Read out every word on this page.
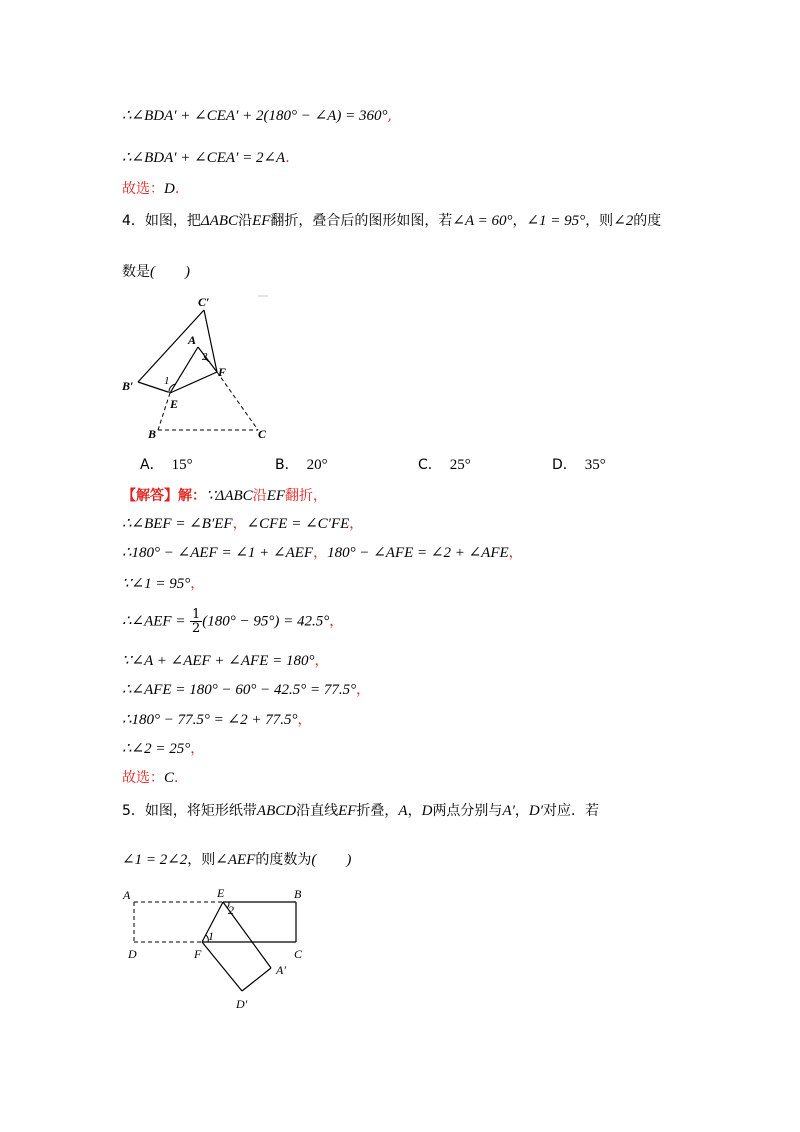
∴∠BDA′ + ∠CEA′ + 2(180° − ∠A) = 360°,
∴∠BDA′ + ∠CEA′ = 2∠A.
故选：D.
4．如图，把ΔABC沿EF翻折，叠合后的图形如图，若∠A = 60°，∠1 = 95°，则∠2的度
数是(　　)
C′
A
2
F
1
B′
E
B	C
A． 15°	B． 20°	C． 25°	D． 35°
【解答】解：∵ΔABC沿EF翻折，
∴∠BEF = ∠B′EF，∠CFE = ∠C′FE，
∴180° − ∠AEF = ∠1 + ∠AEF，180° − ∠AFE = ∠2 + ∠AFE，
∵∠1 = 95°，
∴∠AEF = $\frac{1}{2} (180^\circ - 95^\circ) = 42.5^\circ$，
∵∠A + ∠AEF + ∠AFE = 180°，
∴∠AFE = 180° − 60° − 42.5° = 77.5°，
∴180° − 77.5° = ∠2 + 77.5°，
∴∠2 = 25°，
故选：C.
5．如图，将矩形纸带ABCD沿直线EF折叠，A，D两点分别与A′，D′对应．若
∠1 = 2∠2，则∠AEF的度数为(　　)
A	E	B
2
1
D	F	C
A′
D′
